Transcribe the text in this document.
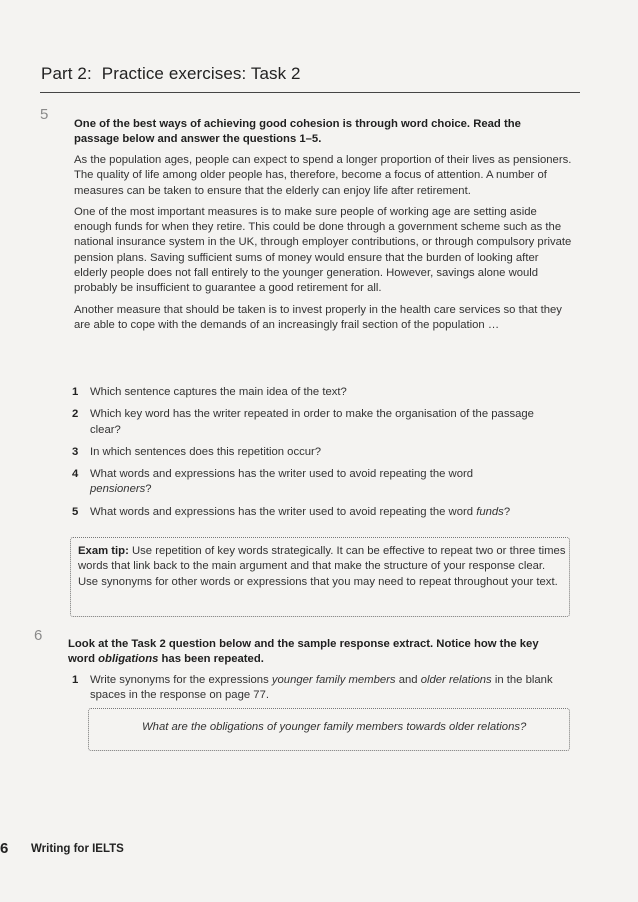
Part 2: Practice exercises: Task 2
5
One of the best ways of achieving good cohesion is through word choice. Read the passage below and answer the questions 1–5.

As the population ages, people can expect to spend a longer proportion of their lives as pensioners. The quality of life among older people has, therefore, become a focus of attention. A number of measures can be taken to ensure that the elderly can enjoy life after retirement.

One of the most important measures is to make sure people of working age are setting aside enough funds for when they retire. This could be done through a government scheme such as the national insurance system in the UK, through employer contributions, or through compulsory private pension plans. Saving sufficient sums of money would ensure that the burden of looking after elderly people does not fall entirely to the younger generation. However, savings alone would probably be insufficient to guarantee a good retirement for all.

Another measure that should be taken is to invest properly in the health care services so that they are able to cope with the demands of an increasingly frail section of the population …

1 Which sentence captures the main idea of the text?
2 Which key word has the writer repeated in order to make the organisation of the passage clear?
3 In which sentences does this repetition occur?
4 What words and expressions has the writer used to avoid repeating the word
pensioners?
5 What words and expressions has the writer used to avoid repeating the word funds?
Exam tip: Use repetition of key words strategically. It can be effective to repeat two or three times words that link back to the main argument and that make the structure of your response clear. Use synonyms for other words or expressions that you may need to repeat throughout your text.
6 Look at the Task 2 question below and the sample response extract. Notice how the key word obligations has been repeated.
1 Write synonyms for the expressions younger family members and older relations in the blank spaces in the response on page 77.
What are the obligations of younger family members towards older relations?
6 Writing for IELTS
